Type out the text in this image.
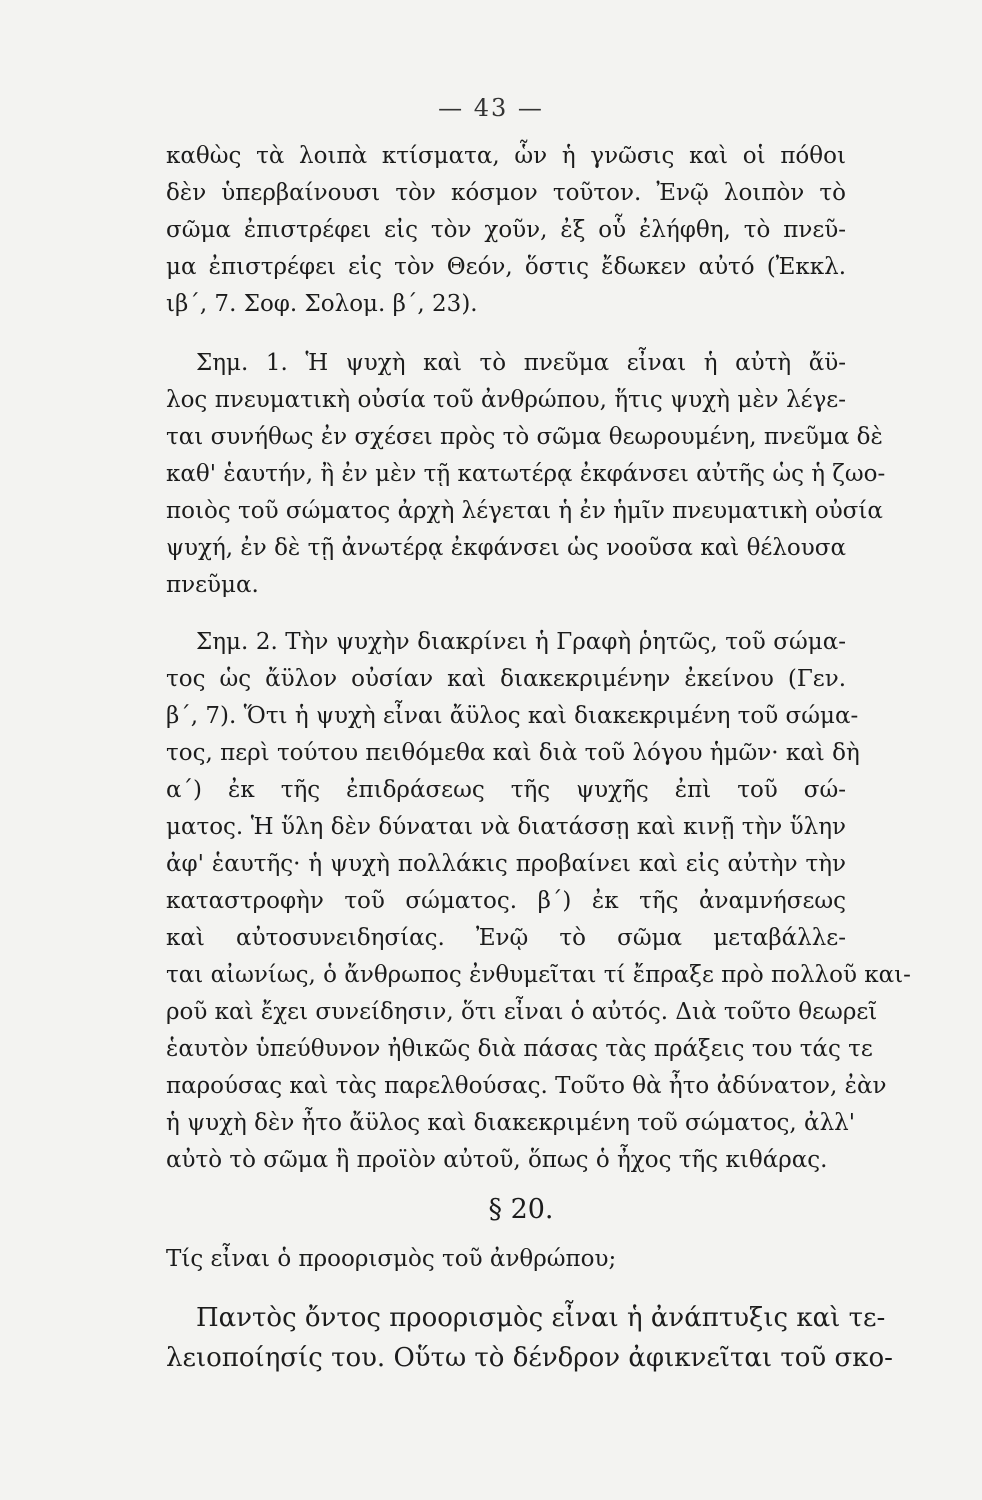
— 43 —
καθὼς τὰ λοιπὰ κτίσματα, ὧν ἡ γνῶσις καὶ οἱ πόθοι
δὲν ὑπερβαίνουσι τὸν κόσμον τοῦτον. Ἐνῷ λοιπὸν τὸ
σῶμα ἐπιστρέφει εἰς τὸν χοῦν, ἐξ οὗ ἐλήφθη, τὸ πνεῦ-
μα ἐπιστρέφει εἰς τὸν Θεόν, ὅστις ἔδωκεν αὐτό (Ἐκκλ.
ιβ΄, 7. Σοφ. Σολομ. β΄, 23).
Σημ. 1. Ἡ ψυχὴ καὶ τὸ πνεῦμα εἶναι ἡ αὐτὴ ἄϋ-
λος πνευματικὴ οὐσία τοῦ ἀνθρώπου, ἥτις ψυχὴ μὲν λέγε-
ται συνήθως ἐν σχέσει πρὸς τὸ σῶμα θεωρουμένη, πνεῦμα δὲ
καθ' ἑαυτήν, ἢ ἐν μὲν τῇ κατωτέρᾳ ἐκφάνσει αὐτῆς ὡς ἡ ζωο-
ποιὸς τοῦ σώματος ἀρχὴ λέγεται ἡ ἐν ἡμῖν πνευματικὴ οὐσία
ψυχή, ἐν δὲ τῇ ἀνωτέρᾳ ἐκφάνσει ὡς νοοῦσα καὶ θέλουσα
πνεῦμα.
Σημ. 2. Τὴν ψυχὴν διακρίνει ἡ Γραφὴ ῥητῶς, τοῦ σώμα-
τος ὡς ἄϋλον οὐσίαν καὶ διακεκριμένην ἐκείνου (Γεν.
β΄, 7). Ὅτι ἡ ψυχὴ εἶναι ἄϋλος καὶ διακεκριμένη τοῦ σώμα-
τος, περὶ τούτου πειθόμεθα καὶ διὰ τοῦ λόγου ἡμῶν· καὶ δὴ
α΄) ἐκ τῆς ἐπιδράσεως τῆς ψυχῆς ἐπὶ τοῦ σώ-
ματος. Ἡ ὕλη δὲν δύναται νὰ διατάσσῃ καὶ κινῇ τὴν ὕλην
ἀφ' ἑαυτῆς· ἡ ψυχὴ πολλάκις προβαίνει καὶ εἰς αὐτὴν τὴν
καταστροφὴν τοῦ σώματος. β΄) ἐκ τῆς ἀναμνήσεως
καὶ αὐτοσυνειδησίας. Ἐνῷ τὸ σῶμα μεταβάλλε-
ται αἰωνίως, ὁ ἄνθρωπος ἐνθυμεῖται τί ἔπραξε πρὸ πολλοῦ και-
ροῦ καὶ ἔχει συνείδησιν, ὅτι εἶναι ὁ αὐτός. Διὰ τοῦτο θεωρεῖ
ἑαυτὸν ὑπεύθυνον ἠθικῶς διὰ πάσας τὰς πράξεις του τάς τε
παρούσας καὶ τὰς παρελθούσας. Τοῦτο θὰ ἦτο ἀδύνατον, ἐὰν
ἡ ψυχὴ δὲν ἦτο ἄϋλος καὶ διακεκριμένη τοῦ σώματος, ἀλλ'
αὐτὸ τὸ σῶμα ἢ προϊὸν αὐτοῦ, ὅπως ὁ ἦχος τῆς κιθάρας.
§ 20.
Τίς εἶναι ὁ προορισμὸς τοῦ ἀνθρώπου;
Παντὸς ὄντος προορισμὸς εἶναι ἡ ἀνάπτυξις καὶ τε-
λειοποίησίς του. Οὕτω τὸ δένδρον ἀφικνεῖται τοῦ σκο-
